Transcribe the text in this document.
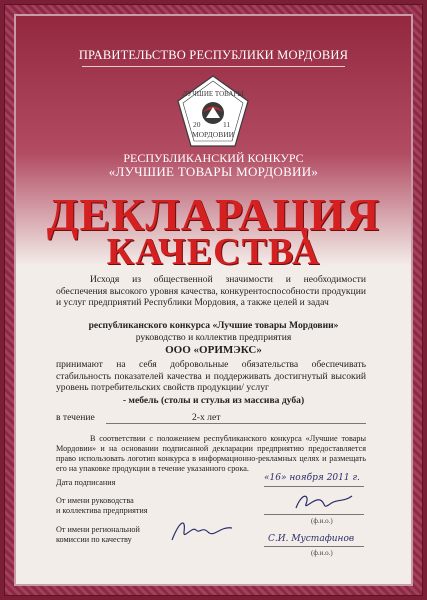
ПРАВИТЕЛЬСТВО РЕСПУБЛИКИ МОРДОВИЯ
ЛУЧШИЕ ТОВАРЫ
20	11
МОРДОВИИ
РЕСПУБЛИКАНСКИЙ КОНКУРС
«ЛУЧШИЕ ТОВАРЫ МОРДОВИИ»
ДЕКЛАРАЦИЯ
КАЧЕСТВА
Исходя из общественной значимости и необходимости обеспечения высокого уровня качества, конкурентоспособности продукции и услуг предприятий Республики Мордовия, а также целей и задач
республиканского конкурса «Лучшие товары Мордовии»
руководство и коллектив предприятия
ООО «ОРИМЭКС»
принимают на себя добровольные обязательства обеспечивать стабильность показателей качества и поддерживать достигнутый высокий уровень потребительских свойств продукции/ услуг
- мебель (столы и стулья из массива дуба)
в течение	2-х лет
В соответствии с положением республиканского конкурса «Лучшие товары Мордовии» и на основании подписанной декларации предприятию предоставляется право использовать логотип конкурса в информационно-рекламных целях и размещать его на упаковке продукции в течение указанного срока.
Дата подписания	«16» ноября 2011 г.
От имени руководства
и коллектива предприятия
(ф.и.о.)
От имени региональной
комиссии по качеству	С.И. Мустафинов
(ф.и.о.)
